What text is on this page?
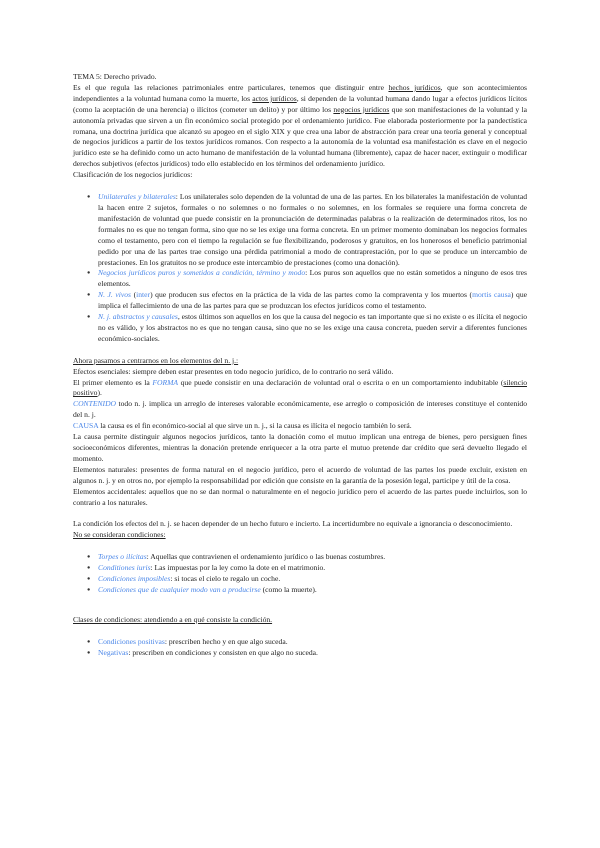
TEMA 5: Derecho privado.

Es el que regula las relaciones patrimoniales entre particulares, tenemos que distinguir entre hechos jurídicos, que son acontecimientos independientes a la voluntad humana como la muerte, los actos jurídicos, si dependen de la voluntad humana dando lugar a efectos jurídicos lícitos (como la aceptación de una herencia) o ilícitos (cometer un delito) y por último los negocios jurídicos que son manifestaciones de la voluntad y la autonomía privadas que sirven a un fin económico social protegido por el ordenamiento jurídico. Fue elaborada posteriormente por la pandectística romana, una doctrina jurídica que alcanzó su apogeo en el siglo XIX y que crea una labor de abstracción para crear una teoría general y conceptual de negocios jurídicos a partir de los textos jurídicos romanos. Con respecto a la autonomía de la voluntad esa manifestación es clave en el negocio jurídico este se ha definido como un acto humano de manifestación de la voluntad humana (libremente), capaz de hacer nacer, extinguir o modificar derechos subjetivos (efectos jurídicos) todo ello establecido en los términos del ordenamiento jurídico.

Clasificación de los negocios jurídicos:

● Unilaterales y bilaterales: Los unilaterales solo dependen de la voluntad de una de las partes. En los bilaterales la manifestación de voluntad la hacen entre 2 sujetos, formales o no solemnes o no formales o no solemnes, en los formales se requiere una forma concreta de manifestación de voluntad que puede consistir en la pronunciación de determinadas palabras o la realización de determinados ritos, los no formales no es que no tengan forma, sino que no se les exige una forma concreta. En un primer momento dominaban los negocios formales como el testamento, pero con el tiempo la regulación se fue flexibilizando, poderosos y gratuitos, en los honerosos el beneficio patrimonial pedido por una de las partes trae consigo una pérdida patrimonial a modo de contraprestación, por lo que se produce un intercambio de prestaciones. En los gratuitos no se produce este intercambio de prestaciones (como una donación).
● Negocios jurídicos puros y sometidos a condición, término y modo: Los puros son aquellos que no están sometidos a ninguno de esos tres elementos.
● N. J. vivos (inter) que producen sus efectos en la práctica de la vida de las partes como la compraventa y los muertos (mortis causa) que implica el fallecimiento de una de las partes para que se produzcan los efectos jurídicos como el testamento.
● N. j. abstractos y causales, estos últimos son aquellos en los que la causa del negocio es tan importante que si no existe o es ilícita el negocio no es válido, y los abstractos no es que no tengan causa, sino que no se les exige una causa concreta, pueden servir a diferentes funciones económico-sociales.

Ahora pasamos a centrarnos en los elementos del n. j.:

Efectos esenciales: siempre deben estar presentes en todo negocio jurídico, de lo contrario no será válido.

El primer elemento es la FORMA que puede consistir en una declaración de voluntad oral o escrita o en un comportamiento indubitable (silencio positivo).

CONTENIDO todo n. j. implica un arreglo de intereses valorable económicamente, ese arreglo o composición de intereses constituye el contenido del n. j.

CAUSA la causa es el fin económico-social al que sirve un n. j., si la causa es ilícita el negocio también lo será.

La causa permite distinguir algunos negocios jurídicos, tanto la donación como el mutuo implican una entrega de bienes, pero persiguen fines socioeconómicos diferentes, mientras la donación pretende enriquecer a la otra parte el mutuo pretende dar crédito que será devuelto llegado el momento.

Elementos naturales: presentes de forma natural en el negocio jurídico, pero el acuerdo de voluntad de las partes los puede excluir, existen en algunos n. j. y en otros no, por ejemplo la responsabilidad por edición que consiste en la garantía de la posesión legal, participe y útil de la cosa.

Elementos accidentales: aquellos que no se dan normal o naturalmente en el negocio jurídico pero el acuerdo de las partes puede incluirlos, son lo contrario a los naturales.

La condición los efectos del n. j. se hacen depender de un hecho futuro e incierto. La incertidumbre no equivale a ignorancia o desconocimiento.

No se consideran condiciones:

● Torpes o ilícitas: Aquellas que contravienen el ordenamiento jurídico o las buenas costumbres.
● Conditiones iuris: Las impuestas por la ley como la dote en el matrimonio.
● Condiciones imposibles: si tocas el cielo te regalo un coche.
● Condiciones que de cualquier modo van a producirse (como la muerte).

Clases de condiciones: atendiendo a en qué consiste la condición.

● Condiciones positivas: prescriben hecho y en que algo suceda.
● Negativas: prescriben en condiciones y consisten en que algo no suceda.
